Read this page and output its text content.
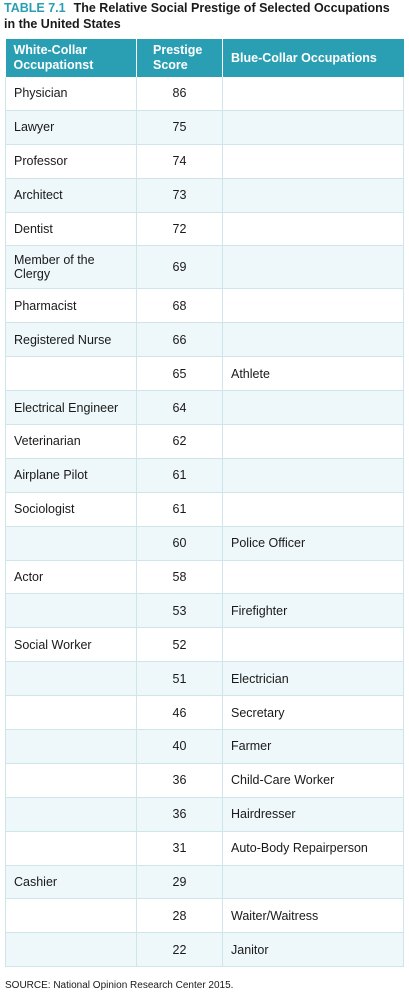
TABLE 7.1 The Relative Social Prestige of Selected Occupations in the United States
White-Collar Occupationst	Prestige Score	Blue-Collar Occupations
Physician	86	
Lawyer	75	
Professor	74	
Architect	73	
Dentist	72	
Member of the Clergy	69	
Pharmacist	68	
Registered Nurse	66	
	65	Athlete
Electrical Engineer	64	
Veterinarian	62	
Airplane Pilot	61	
Sociologist	61	
	60	Police Officer
Actor	58	
	53	Firefighter
Social Worker	52	
	51	Electrician
	46	Secretary
	40	Farmer
	36	Child-Care Worker
	36	Hairdresser
	31	Auto-Body Repairperson
Cashier	29	
	28	Waiter/Waitress
	22	Janitor
SOURCE: National Opinion Research Center 2015.
